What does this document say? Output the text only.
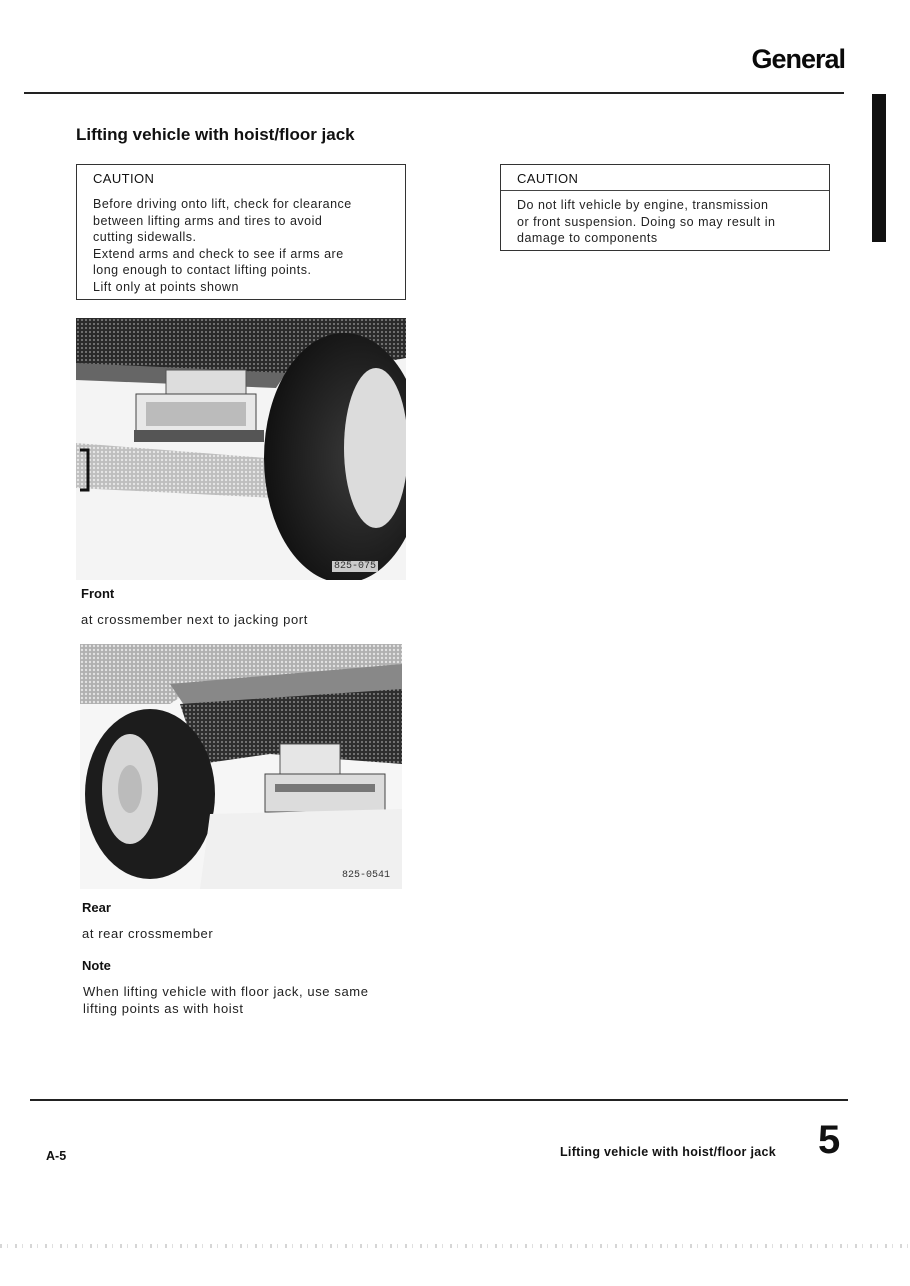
General
Lifting vehicle with hoist/floor jack
CAUTION
Before driving onto lift, check for clearance
between lifting arms and tires to avoid
cutting sidewalls.
Extend arms and check to see if arms are
long enough to contact lifting points.
Lift only at points shown
CAUTION
Do not lift vehicle by engine, transmission
or front suspension. Doing so may result in
damage to components
825-075
Front
at crossmember next to jacking port
825-0541
Rear
at rear crossmember
Note
When lifting vehicle with floor jack, use same
lifting points as with hoist
A-5	Lifting vehicle with hoist/floor jack 5
